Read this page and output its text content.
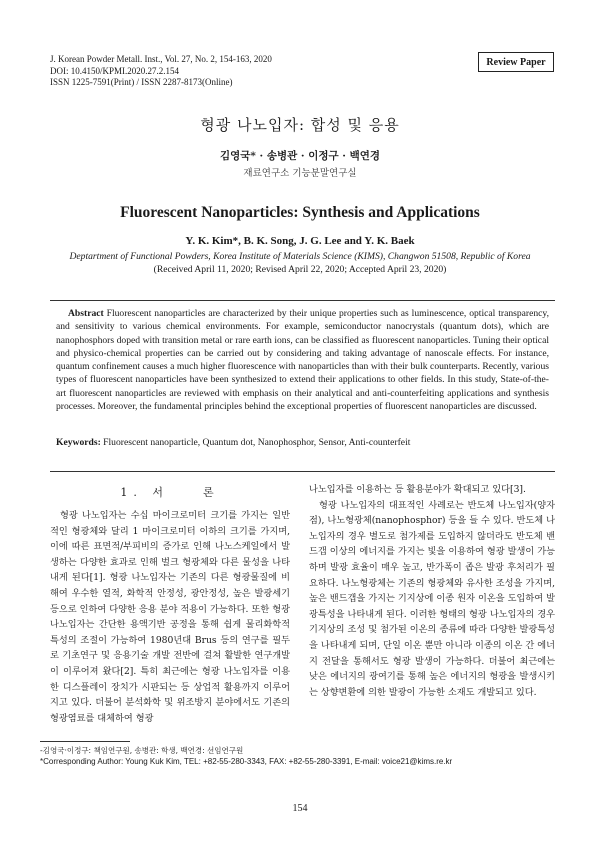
J. Korean Powder Metall. Inst., Vol. 27, No. 2, 154-163, 2020
DOI: 10.4150/KPMI.2020.27.2.154
ISSN 1225-7591(Print) / ISSN 2287-8173(Online)
Review Paper
형광 나노입자: 합성 및 응용
김영국* · 송병관 · 이정구 · 백연경
재료연구소 기능분말연구실
Fluorescent Nanoparticles: Synthesis and Applications
Y. K. Kim*, B. K. Song, J. G. Lee and Y. K. Baek
Deptartment of Functional Powders, Korea Institute of Materials Science (KIMS), Changwon 51508, Republic of Korea
(Received April 11, 2020; Revised April 22, 2020; Accepted April 23, 2020)
Abstract Fluorescent nanoparticles are characterized by their unique properties such as luminescence, optical transparency, and sensitivity to various chemical environments. For example, semiconductor nanocrystals (quantum dots), which are nanophosphors doped with transition metal or rare earth ions, can be classified as fluorescent nanoparticles. Tuning their optical and physico-chemical properties can be carried out by considering and taking advantage of nanoscale effects. For instance, quantum confinement causes a much higher fluorescence with nanoparticles than with their bulk counterparts. Recently, various types of fluorescent nanoparticles have been synthesized to extend their applications to other fields. In this study, State-of-the-art fluorescent nanoparticles are reviewed with emphasis on their analytical and anti-counterfeiting applications and synthesis processes. Moreover, the fundamental principles behind the exceptional properties of fluorescent nanoparticles are discussed.
Keywords: Fluorescent nanoparticle, Quantum dot, Nanophosphor, Sensor, Anti-counterfeit
1. 서　　론

형광 나노입자는 수십 마이크로미터 크기를 가지는 일반적인 형광체와 달리 1 마이크로미터 이하의 크기를 가지며, 이에 따른 표면적/부피비의 증가로 인해 나노스케일에서 발생하는 다양한 효과로 인해 벌크 형광체와 다른 물성을 나타내게 된다[1]. 형광 나노입자는 기존의 다른 형광물질에 비해여 우수한 열적, 화학적 안정성, 광안정성, 높은 발광세기 등으로 인하여 다양한 응용 분야 적용이 가능하다. 또한 형광 나노입자는 간단한 용액기반 공정을 통해 쉽게 물리화학적 특성의 조절이 가능하여 1980년대 Brus 등의 연구를 필두로 기초연구 및 응용기술 개발 전반에 걸쳐 활발한 연구개발이 이루어져 왔다[2]. 특히 최근에는 형광 나노입자를 이용한 디스플레이 장치가 시판되는 등 상업적 활용까지 이루어지고 있다. 더불어 분석화학 및 위조방지 분야에서도 기존의 형광염료를 대체하여 형광

나노입자를 이용하는 등 활용분야가 확대되고 있다[3].

형광 나노입자의 대표적인 사례로는 반도체 나노입자(양자점), 나노형광체(nanophosphor) 등을 들 수 있다. 반도체 나노입자의 경우 별도로 첨가제를 도입하지 않더라도 반도체 밴드갭 이상의 에너지를 가지는 빛을 이용하여 형광 발생이 가능하며 발광 효율이 매우 높고, 반가폭이 좁은 발광 후처리가 필요하다. 나노형광체는 기존의 형광체와 유사한 조성을 가지며, 높은 밴드갭을 가지는 기지상에 이종 원자 이온을 도입하여 발광특성을 나타내게 된다. 이러한 형태의 형광 나노입자의 경우 기지상의 조성 및 첨가된 이온의 종류에 따라 다양한 발광특성을 나타내게 되며, 단일 이온 뿐만 아니라 이종의 이온 간 에너지 전달을 통해서도 형광 발생이 가능하다. 더불어 최근에는 낮은 에너지의 광여기를 통해 높은 에너지의 형광을 발생시키는 상향변환에 의한 발광이 가능한 소재도 개발되고 있다.

-김영국·이정구: 책임연구원, 송병관: 학생, 백연경: 선임연구원
*Corresponding Author: Young Kuk Kim, TEL: +82-55-280-3343, FAX: +82-55-280-3391, E-mail: voice21@kims.re.kr
154
